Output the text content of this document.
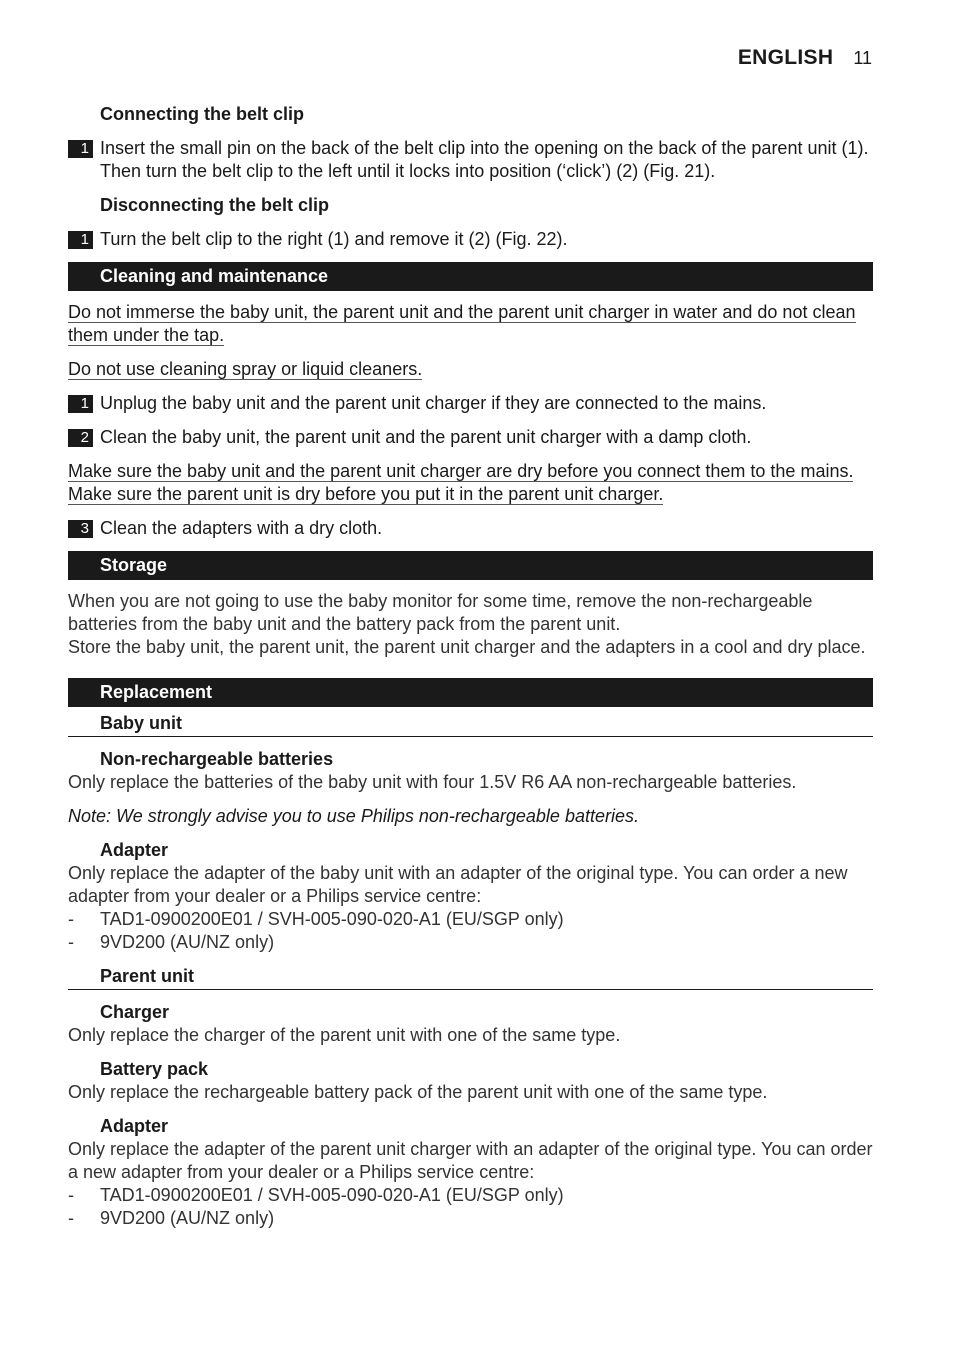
ENGLISH 11
Connecting the belt clip
1 Insert the small pin on the back of the belt clip into the opening on the back of the parent unit (1). Then turn the belt clip to the left until it locks into position (‘click’) (2) (Fig. 21).
Disconnecting the belt clip
1 Turn the belt clip to the right (1) and remove it (2) (Fig. 22).
Cleaning and maintenance
Do not immerse the baby unit, the parent unit and the parent unit charger in water and do not clean them under the tap.
Do not use cleaning spray or liquid cleaners.
1 Unplug the baby unit and the parent unit charger if they are connected to the mains.
2 Clean the baby unit, the parent unit and the parent unit charger with a damp cloth.
Make sure the baby unit and the parent unit charger are dry before you connect them to the mains. Make sure the parent unit is dry before you put it in the parent unit charger.
3 Clean the adapters with a dry cloth.
Storage
When you are not going to use the baby monitor for some time, remove the non-rechargeable batteries from the baby unit and the battery pack from the parent unit.
Store the baby unit, the parent unit, the parent unit charger and the adapters in a cool and dry place.
Replacement
Baby unit
Non-rechargeable batteries
Only replace the batteries of the baby unit with four 1.5V R6 AA non-rechargeable batteries.
Note: We strongly advise you to use Philips non-rechargeable batteries.
Adapter
Only replace the adapter of the baby unit with an adapter of the original type. You can order a new adapter from your dealer or a Philips service centre:
-	TAD1-0900200E01 / SVH-005-090-020-A1 (EU/SGP only)
-	9VD200 (AU/NZ only)
Parent unit
Charger
Only replace the charger of the parent unit with one of the same type.
Battery pack
Only replace the rechargeable battery pack of the parent unit with one of the same type.
Adapter
Only replace the adapter of the parent unit charger with an adapter of the original type. You can order a new adapter from your dealer or a Philips service centre:
-	TAD1-0900200E01 / SVH-005-090-020-A1 (EU/SGP only)
-	9VD200 (AU/NZ only)
